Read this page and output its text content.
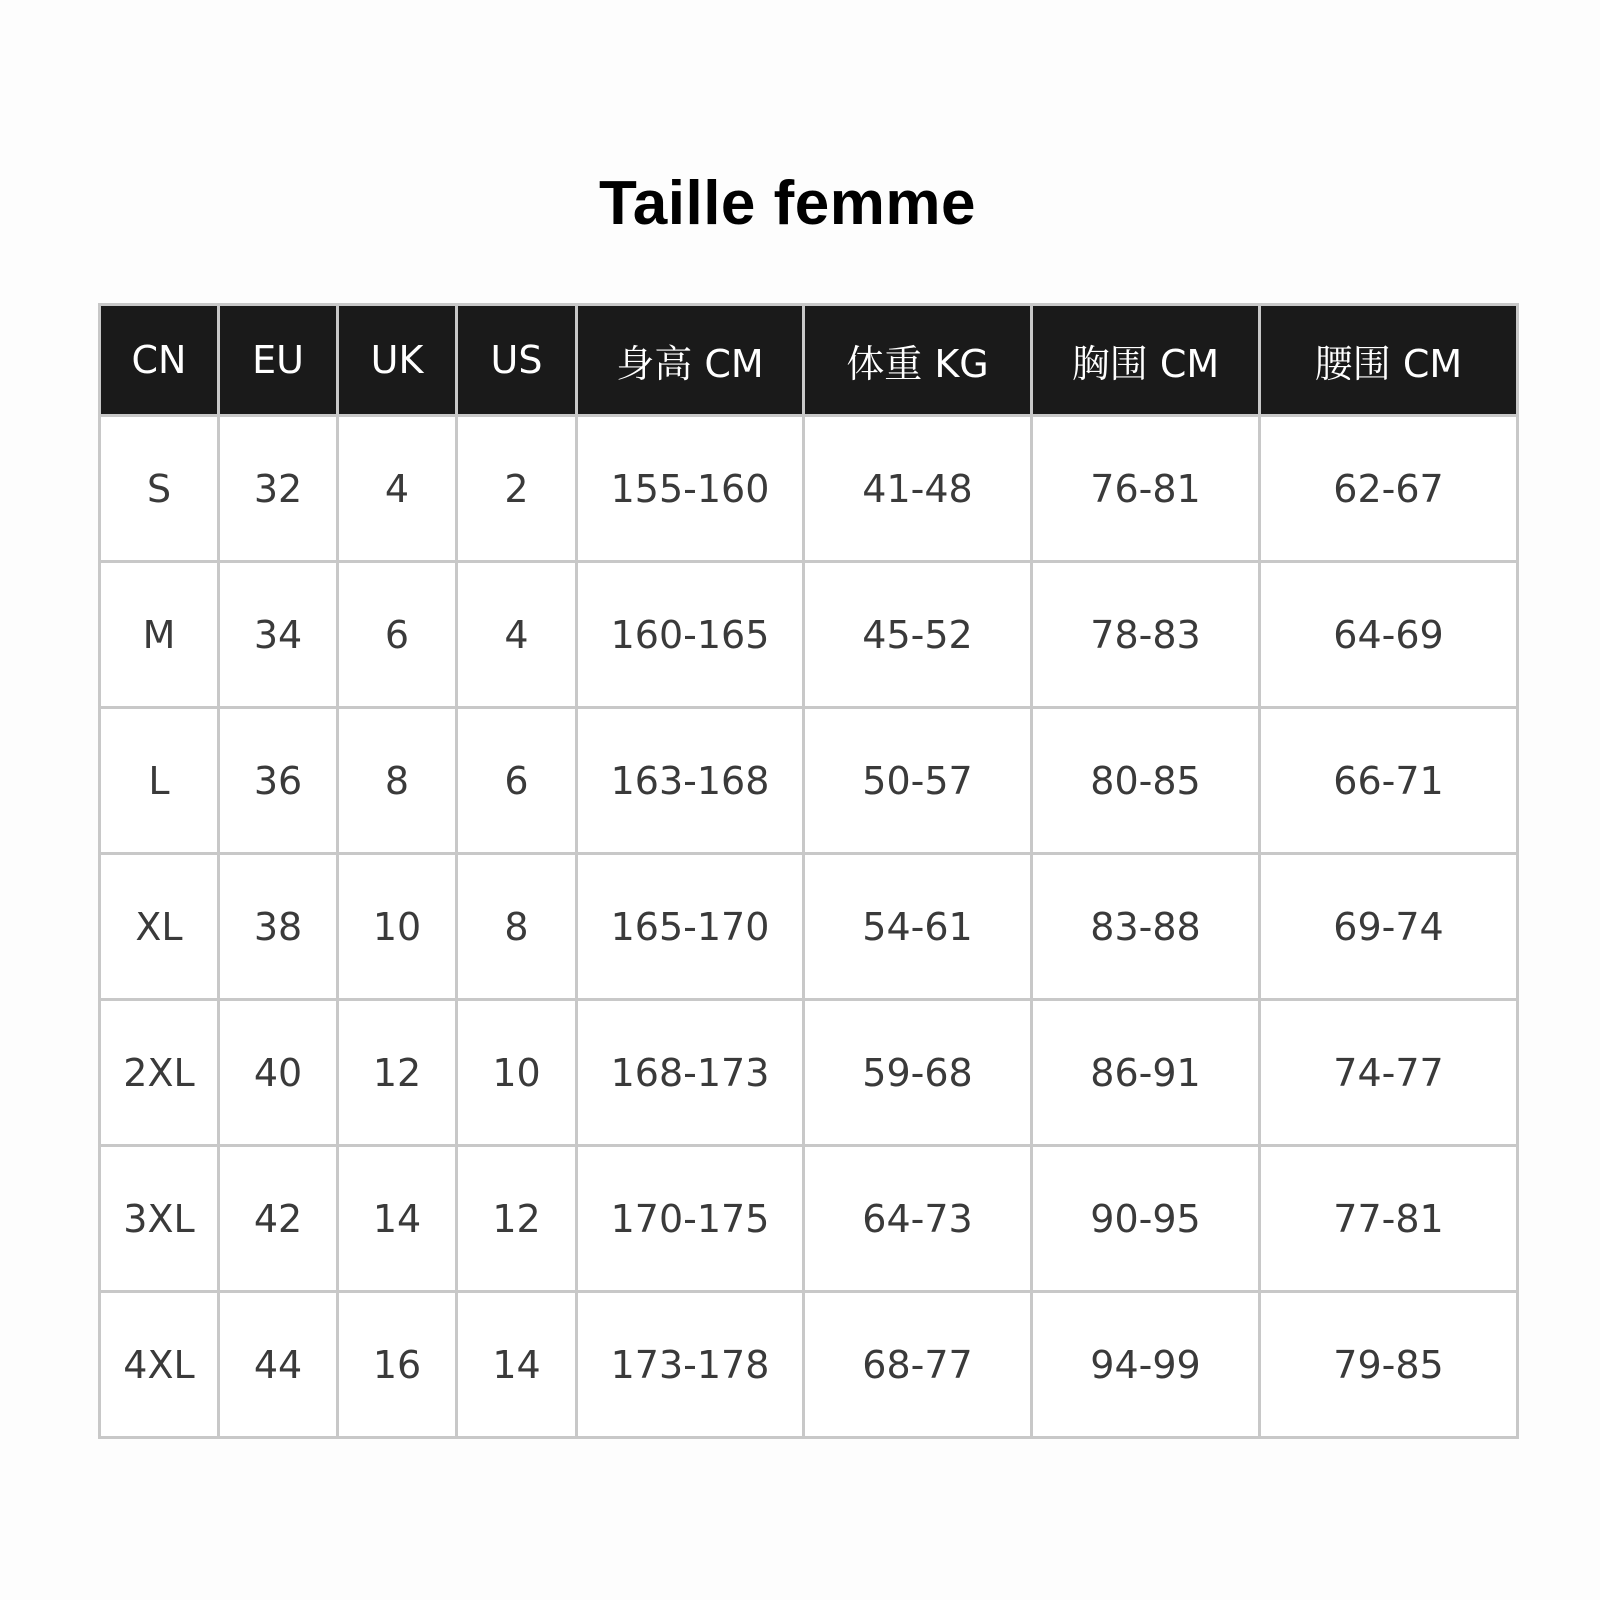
Taille femme
CN	EU	UK	US	身高 CM	体重 KG	胸围 CM	腰围 CM
S	32	4	2	155-160	41-48	76-81	62-67
M	34	6	4	160-165	45-52	78-83	64-69
L	36	8	6	163-168	50-57	80-85	66-71
XL	38	10	8	165-170	54-61	83-88	69-74
2XL	40	12	10	168-173	59-68	86-91	74-77
3XL	42	14	12	170-175	64-73	90-95	77-81
4XL	44	16	14	173-178	68-77	94-99	79-85
